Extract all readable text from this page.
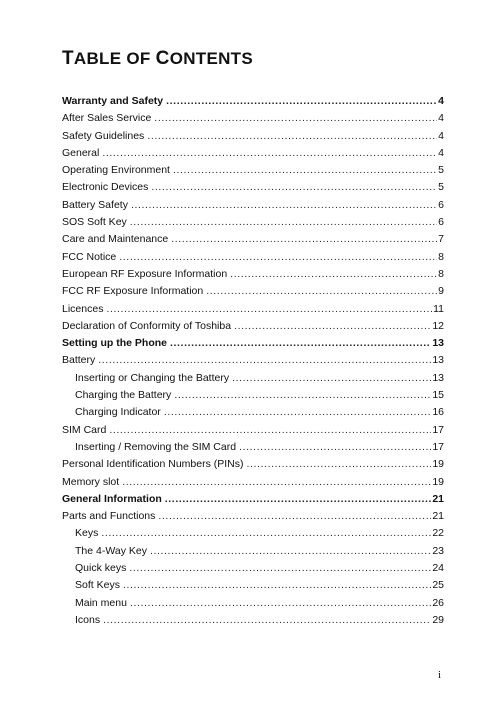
TABLE OF CONTENTS
Warranty and Safety .....	4
After Sales Service .....	4
Safety Guidelines .....	4
General .....	4
Operating Environment .....	5
Electronic Devices .....	5
Battery Safety .....	6
SOS Soft Key .....	6
Care and Maintenance .....	7
FCC Notice .....	8
European RF Exposure Information .....	8
FCC RF Exposure Information .....	9
Licences .....	11
Declaration of Conformity of Toshiba .....	12
Setting up the Phone .....	13
Battery .....	13
Inserting or Changing the Battery .....	13
Charging the Battery .....	15
Charging Indicator .....	16
SIM Card .....	17
Inserting / Removing the SIM Card .....	17
Personal Identification Numbers (PINs) .....	19
Memory slot .....	19
General Information .....	21
Parts and Functions .....	21
Keys .....	22
The 4-Way Key .....	23
Quick keys .....	24
Soft Keys .....	25
Main menu .....	26
Icons .....	29
i
